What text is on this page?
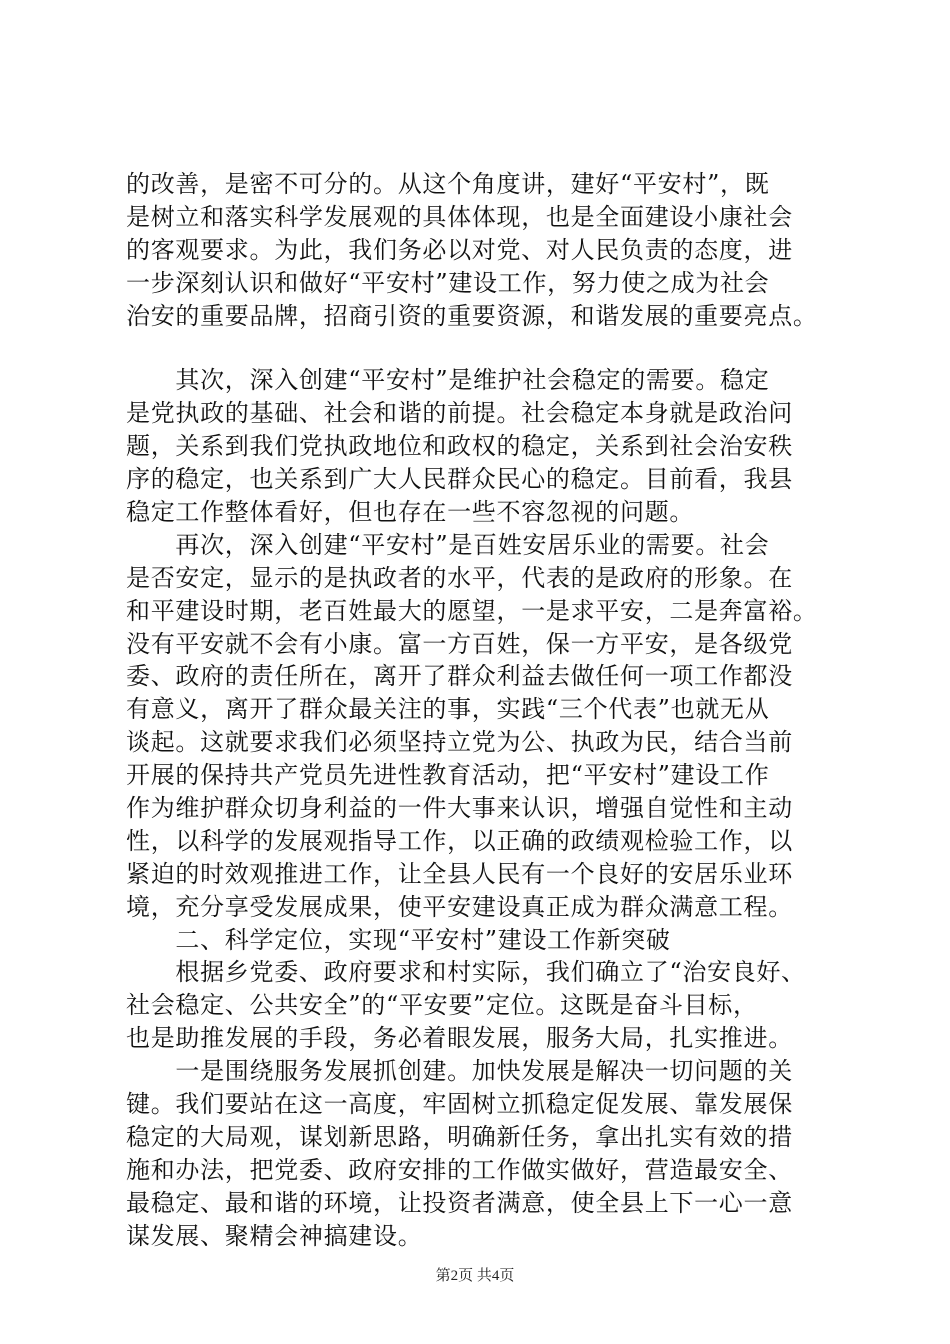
的改善，是密不可分的。从这个角度讲，建好“平安村”，既
是树立和落实科学发展观的具体体现，也是全面建设小康社会
的客观要求。为此，我们务必以对党、对人民负责的态度，进
一步深刻认识和做好“平安村”建设工作，努力使之成为社会
治安的重要品牌，招商引资的重要资源，和谐发展的重要亮点。
　　其次，深入创建“平安村”是维护社会稳定的需要。稳定
是党执政的基础、社会和谐的前提。社会稳定本身就是政治问
题，关系到我们党执政地位和政权的稳定，关系到社会治安秩
序的稳定，也关系到广大人民群众民心的稳定。目前看，我县
稳定工作整体看好，但也存在一些不容忽视的问题。
　　再次，深入创建“平安村”是百姓安居乐业的需要。社会
是否安定，显示的是执政者的水平，代表的是政府的形象。在
和平建设时期，老百姓最大的愿望，一是求平安，二是奔富裕。
没有平安就不会有小康。富一方百姓，保一方平安，是各级党
委、政府的责任所在，离开了群众利益去做任何一项工作都没
有意义，离开了群众最关注的事，实践“三个代表”也就无从
谈起。这就要求我们必须坚持立党为公、执政为民，结合当前
开展的保持共产党员先进性教育活动，把“平安村”建设工作
作为维护群众切身利益的一件大事来认识，增强自觉性和主动
性，以科学的发展观指导工作，以正确的政绩观检验工作，以
紧迫的时效观推进工作，让全县人民有一个良好的安居乐业环
境，充分享受发展成果，使平安建设真正成为群众满意工程。
　　二、科学定位，实现“平安村”建设工作新突破
　　根据乡党委、政府要求和村实际，我们确立了“治安良好、
社会稳定、公共安全”的“平安要”定位。这既是奋斗目标，
也是助推发展的手段，务必着眼发展，服务大局，扎实推进。
　　一是围绕服务发展抓创建。加快发展是解决一切问题的关
键。我们要站在这一高度，牢固树立抓稳定促发展、靠发展保
稳定的大局观，谋划新思路，明确新任务，拿出扎实有效的措
施和办法，把党委、政府安排的工作做实做好，营造最安全、
最稳定、最和谐的环境，让投资者满意，使全县上下一心一意
谋发展、聚精会神搞建设。
第2页 共4页
